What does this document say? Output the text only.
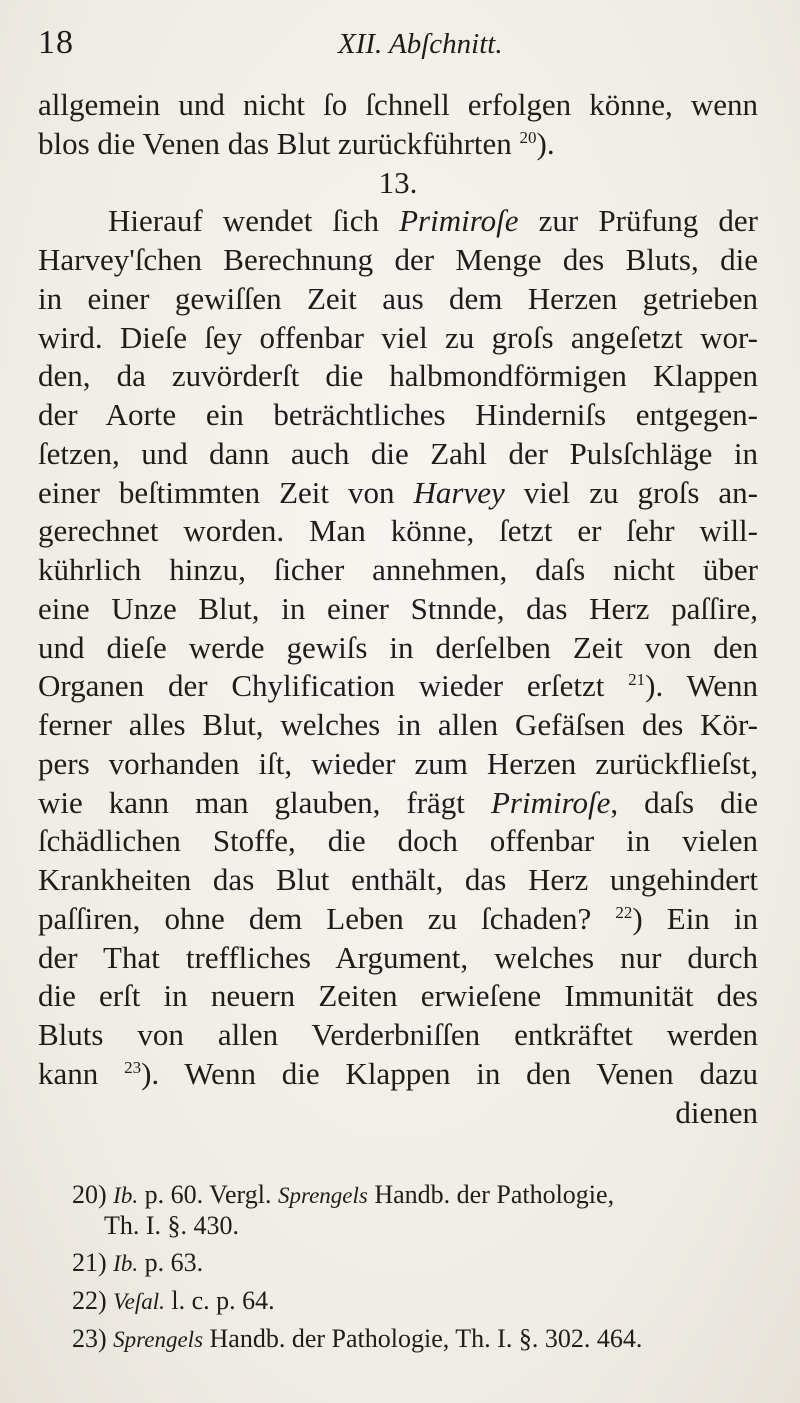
18	XII. Abſchnitt.
allgemein und nicht ſo ſchnell erfolgen könne, wenn
blos die Venen das Blut zurückführten $^{20}$).
13.
Hierauf wendet ſich Primiroſe zur Prüfung der
Harvey'ſchen Berechnung der Menge des Bluts, die
in einer gewiſſen Zeit aus dem Herzen getrieben
wird. Dieſe ſey offenbar viel zu groſs angeſetzt wor-
den, da zuvörderſt die halbmondförmigen Klappen
der Aorte ein beträchtliches Hinderniſs entgegen-
ſetzen, und dann auch die Zahl der Pulsſchläge in
einer beſtimmten Zeit von Harvey viel zu groſs an-
gerechnet worden. Man könne, ſetzt er ſehr will-
kührlich hinzu, ſicher annehmen, daſs nicht über
eine Unze Blut, in einer Stnnde, das Herz paſſire,
und dieſe werde gewiſs in derſelben Zeit von den
Organen der Chylification wieder erſetzt $^{21}$). Wenn
ferner alles Blut, welches in allen Gefäſsen des Kör-
pers vorhanden iſt, wieder zum Herzen zurückflieſst,
wie kann man glauben, frägt Primiroſe, daſs die
ſchädlichen Stoffe, die doch offenbar in vielen
Krankheiten das Blut enthält, das Herz ungehindert
paſſiren, ohne dem Leben zu ſchaden? $^{22}$) Ein in
der That treffliches Argument, welches nur durch
die erſt in neuern Zeiten erwieſene Immunität des
Bluts von allen Verderbniſſen entkräftet werden
kann $^{23}$). Wenn die Klappen in den Venen dazu
dienen
20) Ib. p. 60. Vergl. Sprengels Handb. der Pathologie,
Th. I. §. 430.
21) Ib. p. 63.
22) Veſal. l. c. p. 64.
23) Sprengels Handb. der Pathologie, Th. I. §. 302. 464.
